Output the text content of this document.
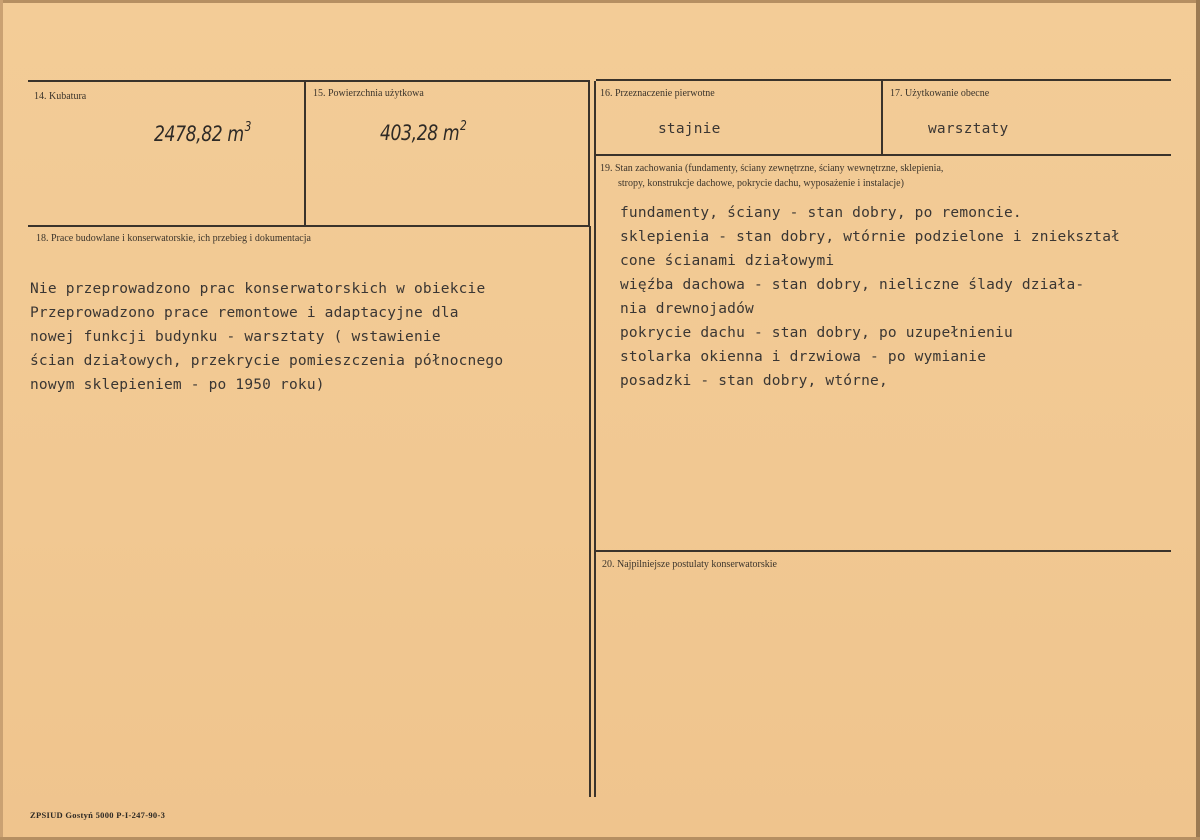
14. Kubatura
2478,82 $m^3$
15. Powierzchnia użytkowa
403,28 $m^2$
16. Przeznaczenie pierwotne
stajnie
17. Użytkowanie obecne
warsztaty
18. Prace budowlane i konserwatorskie, ich przebieg i dokumentacja
Nie przeprowadzono prac konserwatorskich w obiekcie
Przeprowadzono prace remontowe i adaptacyjne dla
nowej funkcji budynku - warsztaty ( wstawienie
ścian działowych, przekrycie pomieszczenia północnego
nowym sklepieniem - po 1950 roku)
19. Stan zachowania (fundamenty, ściany zewnętrzne, ściany wewnętrzne, sklepienia,
stropy, konstrukcje dachowe, pokrycie dachu, wyposażenie i instalacje)
fundamenty, ściany - stan dobry, po remoncie.
sklepienia - stan dobry, wtórnie podzielone i zniekształ
cone ścianami działowymi
więźba dachowa - stan dobry, nieliczne ślady działa-
nia drewnojadów
pokrycie dachu - stan dobry, po uzupełnieniu
stolarka okienna i drzwiowa - po wymianie
posadzki - stan dobry, wtórne,
20. Najpilniejsze postulaty konserwatorskie
ZPSIUD Gostyń 5000 P-I-247-90-3
